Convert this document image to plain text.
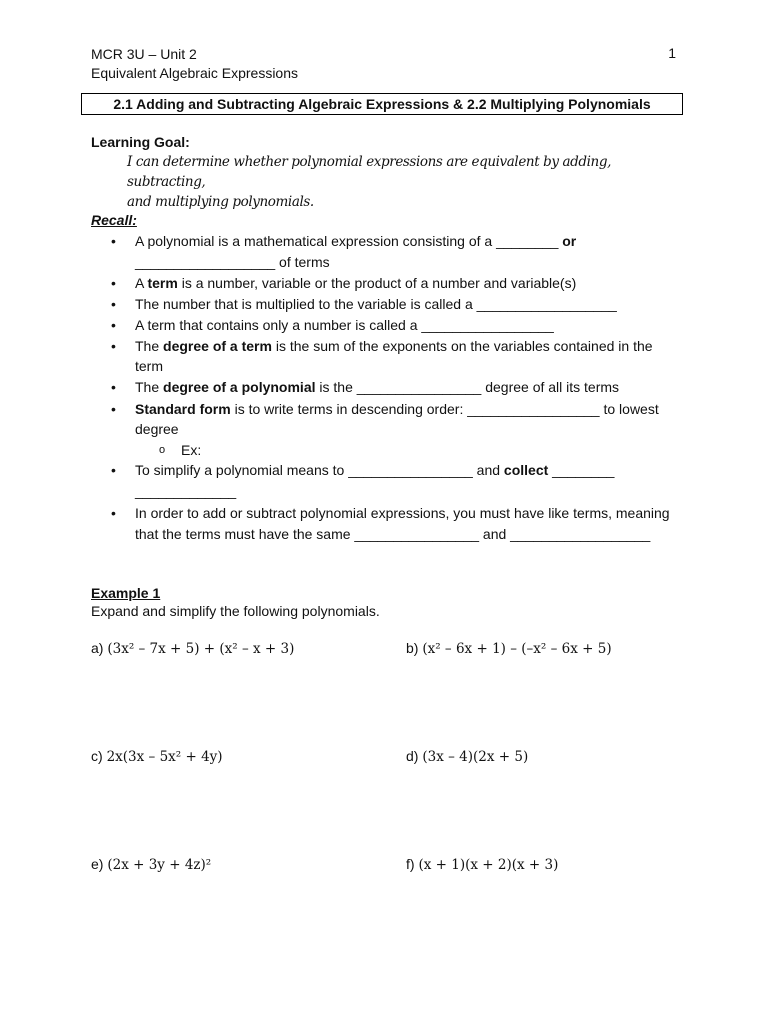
MCR 3U – Unit 2
Equivalent Algebraic Expressions
1
2.1 Adding and Subtracting Algebraic Expressions & 2.2 Multiplying Polynomials
Learning Goal:
I can determine whether polynomial expressions are equivalent by adding, subtracting,
and multiplying polynomials.
Recall:
• A polynomial is a mathematical expression consisting of a ________ or
__________________ of terms
• A term is a number, variable or the product of a number and variable(s)
• The number that is multiplied to the variable is called a __________________
• A term that contains only a number is called a _________________
• The degree of a term is the sum of the exponents on the variables contained in the term
• The degree of a polynomial is the ________________ degree of all its terms
• Standard form is to write terms in descending order: _________________ to lowest degree
o Ex:
• To simplify a polynomial means to ________________ and collect ________
_____________
• In order to add or subtract polynomial expressions, you must have like terms, meaning that the terms must have the same ________________ and __________________
Example 1
Expand and simplify the following polynomials.
a) (3x² – 7x + 5) + (x² – x + 3)	b) (x² – 6x + 1) – (–x² – 6x + 5)
c) 2x(3x – 5x² + 4y)	d) (3x – 4)(2x + 5)
e) (2x + 3y + 4z)²	f) (x + 1)(x + 2)(x + 3)
